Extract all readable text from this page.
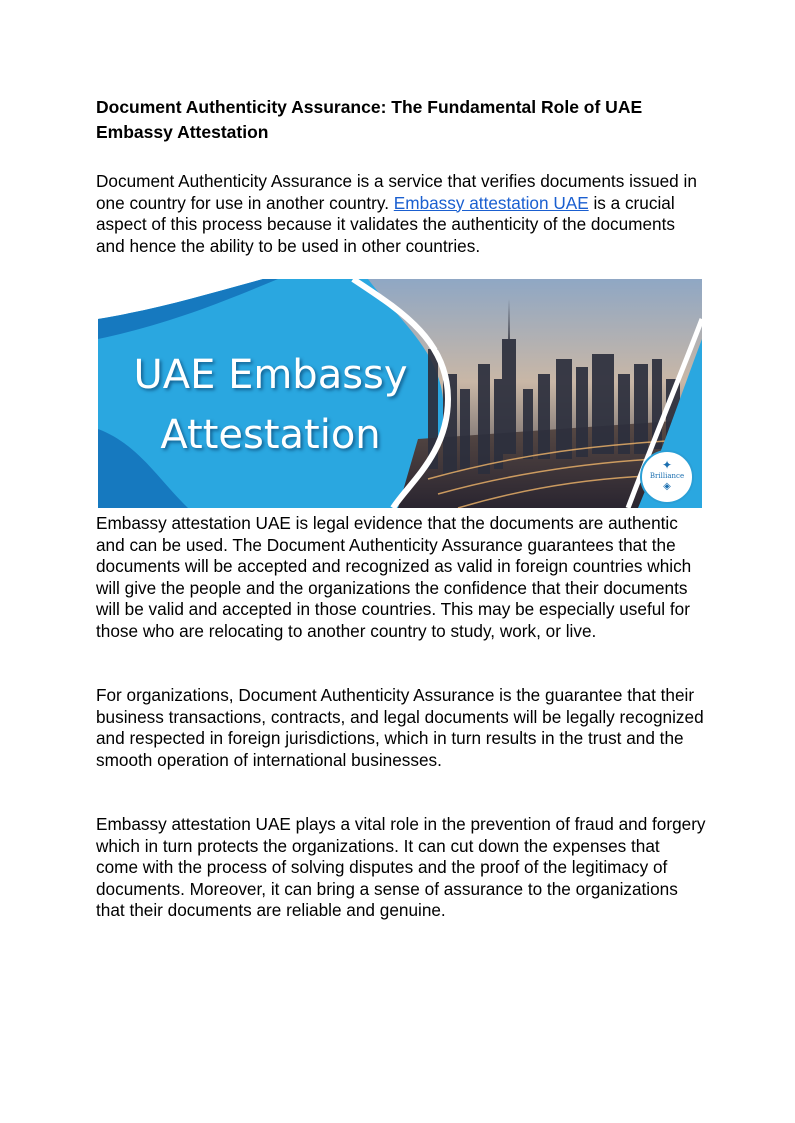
Document Authenticity Assurance: The Fundamental Role of UAE Embassy Attestation

Document Authenticity Assurance is a service that verifies documents issued in one country for use in another country. Embassy attestation UAE is a crucial aspect of this process because it validates the authenticity of the documents and hence the ability to be used in other countries.

UAE Embassy
Attestation
✦
Brilliance
◈

Embassy attestation UAE is legal evidence that the documents are authentic and can be used. The Document Authenticity Assurance guarantees that the documents will be accepted and recognized as valid in foreign countries which will give the people and the organizations the confidence that their documents will be valid and accepted in those countries. This may be especially useful for those who are relocating to another country to study, work, or live.

For organizations, Document Authenticity Assurance is the guarantee that their business transactions, contracts, and legal documents will be legally recognized and respected in foreign jurisdictions, which in turn results in the trust and the smooth operation of international businesses.

Embassy attestation UAE plays a vital role in the prevention of fraud and forgery which in turn protects the organizations. It can cut down the expenses that come with the process of solving disputes and the proof of the legitimacy of documents. Moreover, it can bring a sense of assurance to the organizations that their documents are reliable and genuine.
